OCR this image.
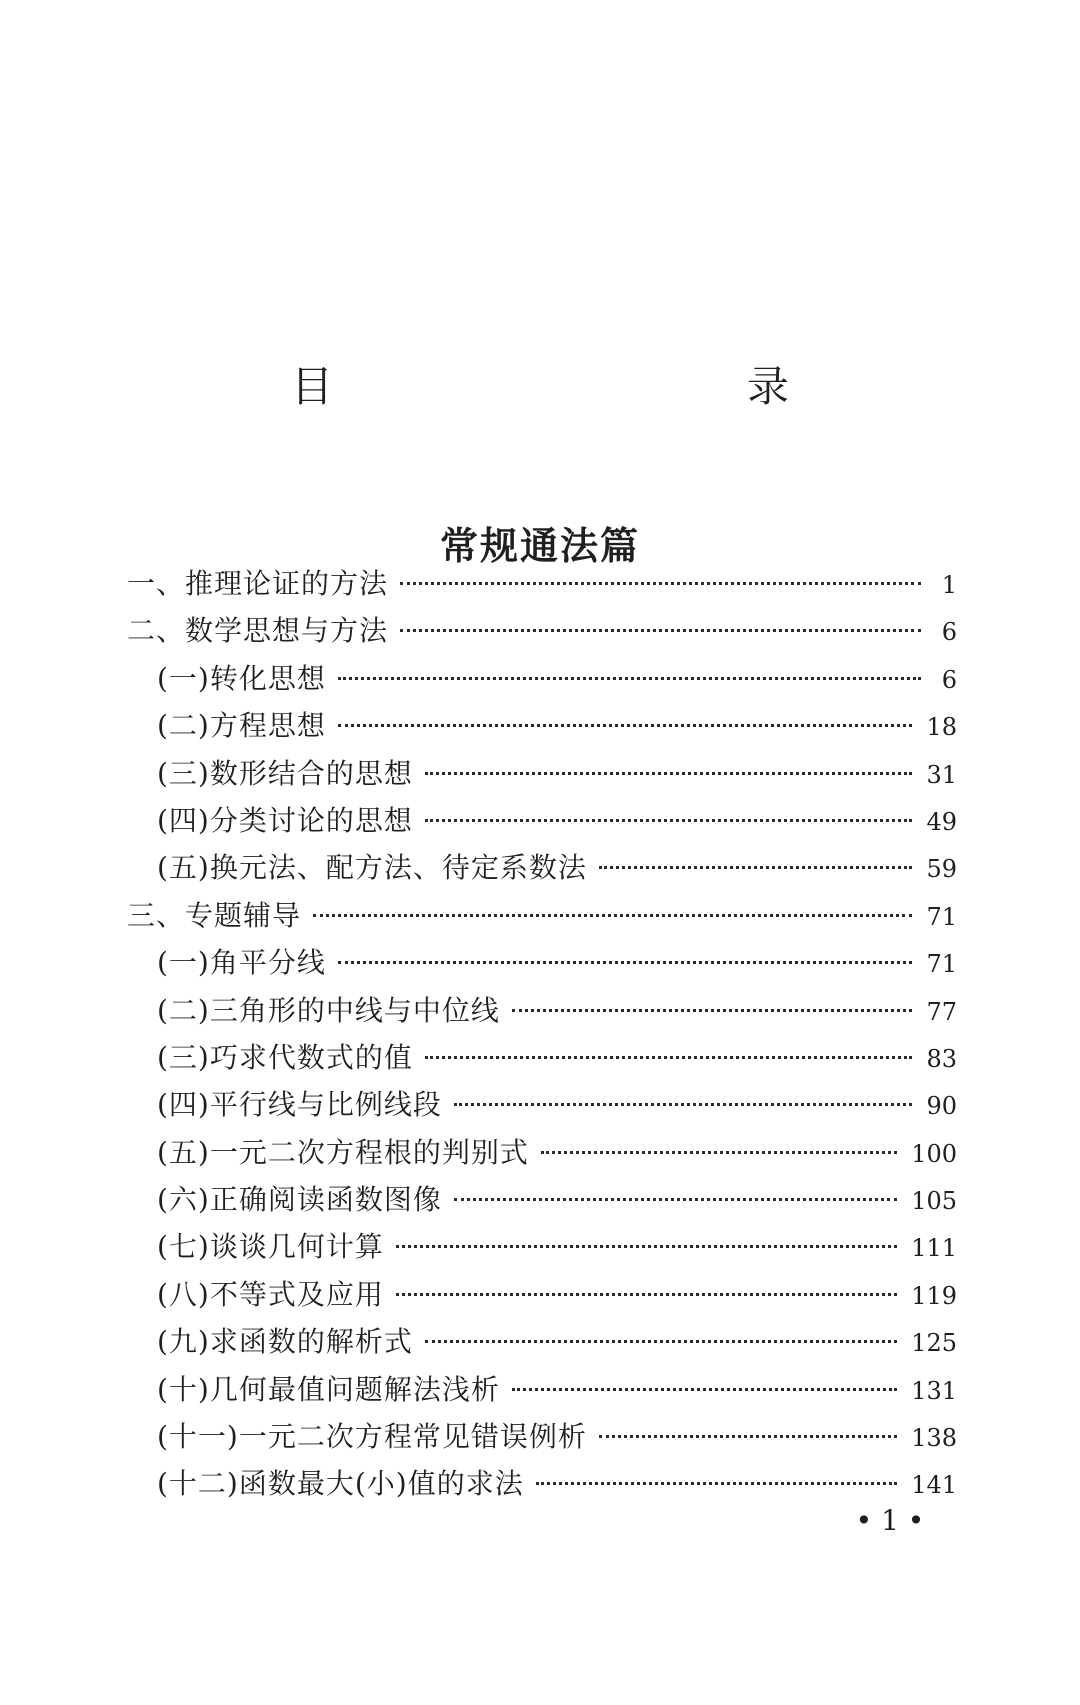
目　　录
常规通法篇
一、推理论证的方法	1
二、数学思想与方法	6
(一)转化思想	6
(二)方程思想	18
(三)数形结合的思想	31
(四)分类讨论的思想	49
(五)换元法、配方法、待定系数法	59
三、专题辅导	71
(一)角平分线	71
(二)三角形的中线与中位线	77
(三)巧求代数式的值	83
(四)平行线与比例线段	90
(五)一元二次方程根的判别式	100
(六)正确阅读函数图像	105
(七)谈谈几何计算	111
(八)不等式及应用	119
(九)求函数的解析式	125
(十)几何最值问题解法浅析	131
(十一)一元二次方程常见错误例析	138
(十二)函数最大(小)值的求法	141
• 1 •
